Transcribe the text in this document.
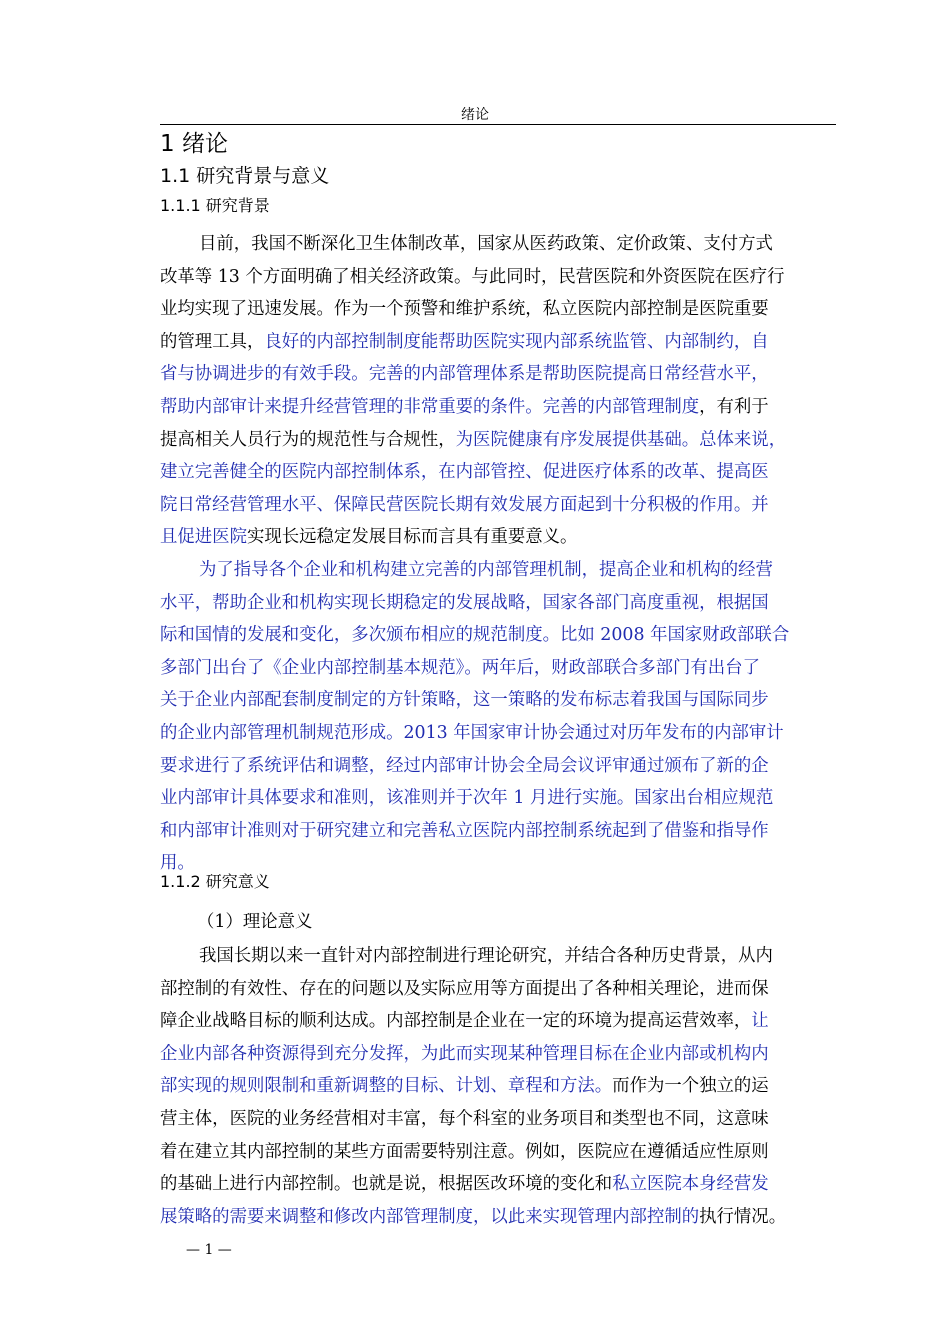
绪论
1 绪论
1.1 研究背景与意义
1.1.1 研究背景
目前，我国不断深化卫生体制改革，国家从医药政策、定价政策、支付方式
改革等 13 个方面明确了相关经济政策。与此同时，民营医院和外资医院在医疗行
业均实现了迅速发展。作为一个预警和维护系统，私立医院内部控制是医院重要
的管理工具，良好的内部控制制度能帮助医院实现内部系统监管、内部制约，自
省与协调进步的有效手段。完善的内部管理体系是帮助医院提高日常经营水平，
帮助内部审计来提升经营管理的非常重要的条件。完善的内部管理制度，有利于
提高相关人员行为的规范性与合规性，为医院健康有序发展提供基础。总体来说，
建立完善健全的医院内部控制体系，在内部管控、促进医疗体系的改革、提高医
院日常经营管理水平、保障民营医院长期有效发展方面起到十分积极的作用。并
且促进医院实现长远稳定发展目标而言具有重要意义。
为了指导各个企业和机构建立完善的内部管理机制，提高企业和机构的经营
水平，帮助企业和机构实现长期稳定的发展战略，国家各部门高度重视，根据国
际和国情的发展和变化，多次颁布相应的规范制度。比如 2008 年国家财政部联合
多部门出台了《企业内部控制基本规范》。两年后，财政部联合多部门有出台了
关于企业内部配套制度制定的方针策略，这一策略的发布标志着我国与国际同步
的企业内部管理机制规范形成。2013 年国家审计协会通过对历年发布的内部审计
要求进行了系统评估和调整，经过内部审计协会全局会议评审通过颁布了新的企
业内部审计具体要求和准则，该准则并于次年 1 月进行实施。国家出台相应规范
和内部审计准则对于研究建立和完善私立医院内部控制系统起到了借鉴和指导作
用。
1.1.2 研究意义
（1）理论意义
我国长期以来一直针对内部控制进行理论研究，并结合各种历史背景，从内
部控制的有效性、存在的问题以及实际应用等方面提出了各种相关理论，进而保
障企业战略目标的顺利达成。内部控制是企业在一定的环境为提高运营效率，让
企业内部各种资源得到充分发挥，为此而实现某种管理目标在企业内部或机构内
部实现的规则限制和重新调整的目标、计划、章程和方法。而作为一个独立的运
营主体，医院的业务经营相对丰富，每个科室的业务项目和类型也不同，这意味
着在建立其内部控制的某些方面需要特别注意。例如，医院应在遵循适应性原则
的基础上进行内部控制。也就是说，根据医改环境的变化和私立医院本身经营发
展策略的需要来调整和修改内部管理制度，以此来实现管理内部控制的执行情况。
— 1 —
